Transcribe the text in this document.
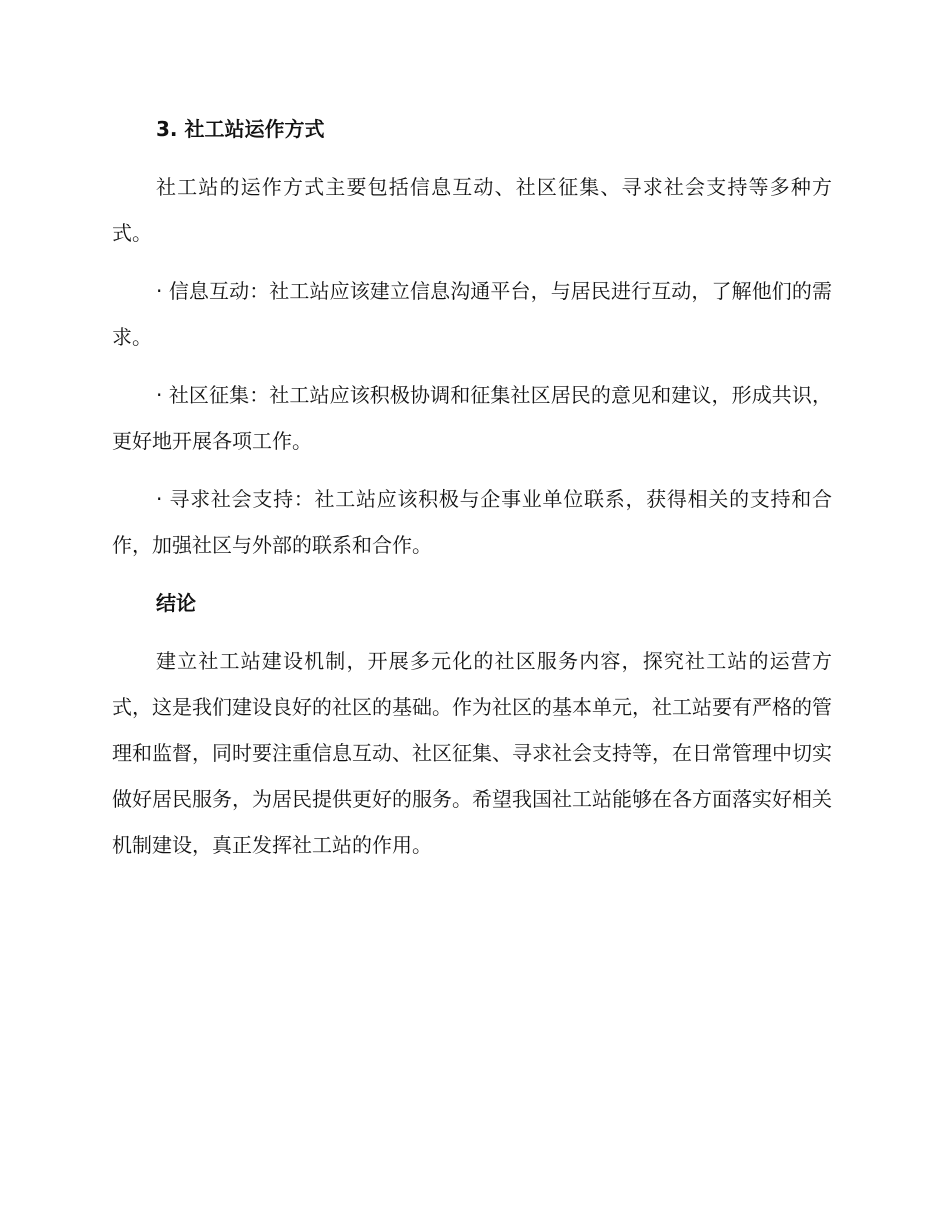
3. 社工站运作方式

社工站的运作方式主要包括信息互动、社区征集、寻求社会支持等多种方式。

· 信息互动：社工站应该建立信息沟通平台，与居民进行互动，了解他们的需求。

· 社区征集：社工站应该积极协调和征集社区居民的意见和建议，形成共识，更好地开展各项工作。

· 寻求社会支持：社工站应该积极与企事业单位联系，获得相关的支持和合作，加强社区与外部的联系和合作。

结论

建立社工站建设机制，开展多元化的社区服务内容，探究社工站的运营方式，这是我们建设良好的社区的基础。作为社区的基本单元，社工站要有严格的管理和监督，同时要注重信息互动、社区征集、寻求社会支持等，在日常管理中切实做好居民服务，为居民提供更好的服务。希望我国社工站能够在各方面落实好相关机制建设，真正发挥社工站的作用。
